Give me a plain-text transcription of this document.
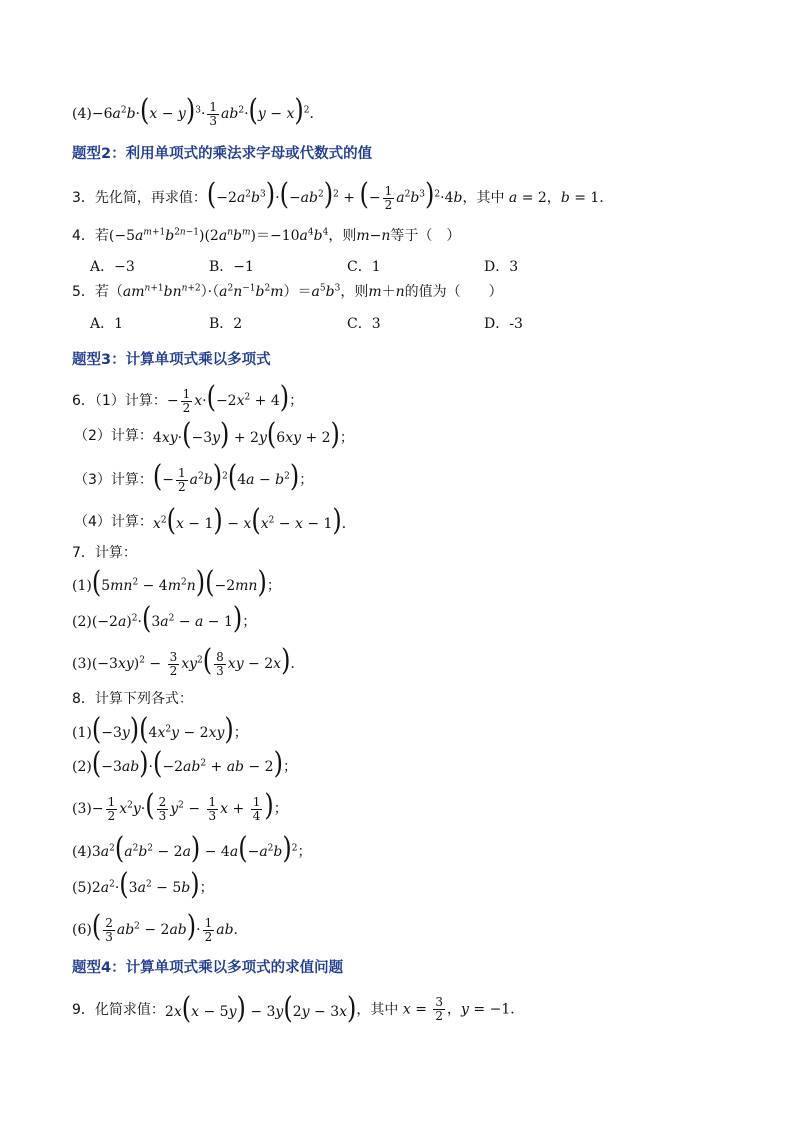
$(4) -6a^2b\cdot(x - y)^3\cdot \frac{1}{3} ab^2\cdot(y - x)^2$．
题型2：利用单项式的乘法求字母或代数式的值
3．先化简，再求值： $(-2a^2b^3)\cdot(-ab^2)^2$ + (− $\frac{1}{2} a^2b^3)^2\cdot 4b$ ，其中 a = 2，b = 1．
4．若 $(-5a^{m+1}b^{2n-1})(2a^nb^m)=-10a^4b^4$ ，则 m−n 等于（　）
A．−3	B．−1	C．1	D．3
5．若 $(am^{n+1}bn^{n+2})\cdot(a^2n^{-1}b^2m)=a^5b^3$ ，则 m＋n 的值为（　　）
A．1	B．2	C．3	D．-3
题型3：计算单项式乘以多项式
6．（1）计算： − $\frac{1}{2} x\cdot(-2x^2 + 4)$；
（2）计算： 4xy·(−3y) + 2y(6xy + 2)；
（3）计算： (− $\frac{1}{2} a^2b)^2(4a - b^2)$；
（4）计算： $x^2(x - 1) - x(x^2 - x - 1)$．
7．计算：
$(1)(5mn^2 - 4m^2n)(-2mn)$；
$(2)(-2a)^2\cdot(3a^2 - a - 1)$；
$(3)(-3xy)^2 - \frac{3}{2} xy^2( \frac{8}{3}$ xy − 2x)．
8．计算下列各式：
$(1)(-3y)(4x^2y - 2xy)$；
$(2)(-3ab)\cdot(-2ab^2$ + ab − 2)；
$(3)- \frac{1}{2} x^2y\cdot( \frac{2}{3} y^2 - \frac{1}{3}$ $x + \frac{1}{4}$ )；
$(4)3a^2(a^2b^2 - 2a) - 4a(-a^2b)^2$；
$(5)2a^2\cdot(3a^2 - 5b)$；
$(6)( \frac{2}{3} ab^2 - 2ab)\cdot \frac{1}{2}$ ab．
题型4：计算单项式乘以多项式的求值问题
9．化简求值： 2x(x − 5y) − 3y(2y − 3x) ，其中 $x = \frac{3}{2}$ ，y = −1．
